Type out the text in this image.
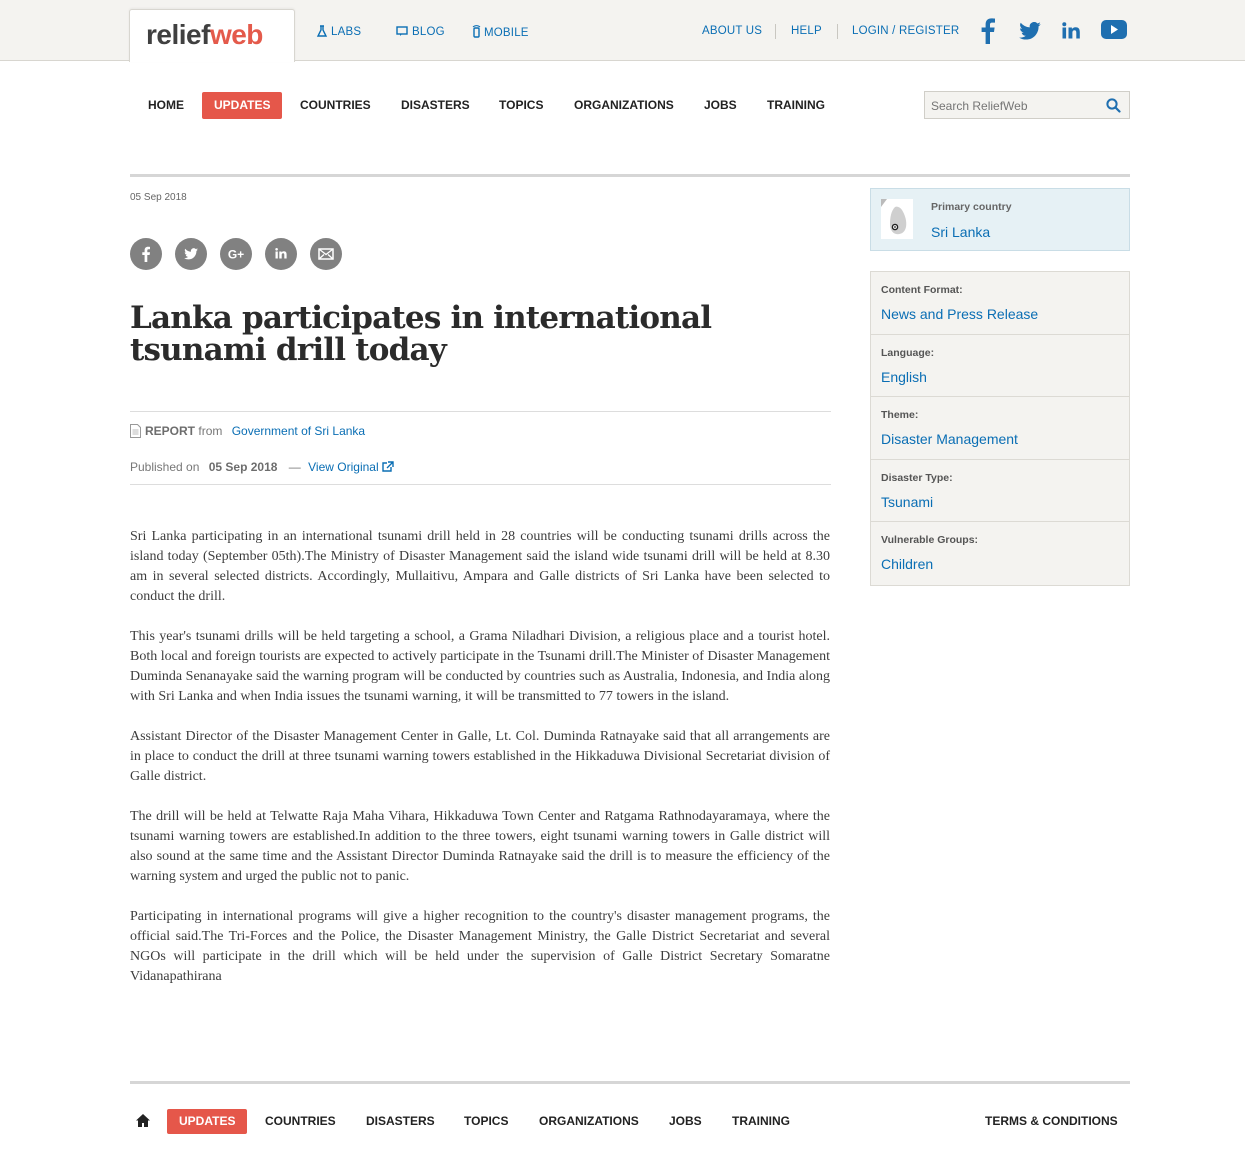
reliefweb	LABS	BLOG	MOBILE	ABOUT US	HELP	LOGIN / REGISTER
HOME	UPDATES	COUNTRIES	DISASTERS	TOPICS	ORGANIZATIONS	JOBS	TRAINING
Search ReliefWeb
05 Sep 2018
G+
Lanka participates in international tsunami drill today
REPORT from Government of Sri Lanka
Published on 05 Sep 2018 — View Original

Sri Lanka participating in an international tsunami drill held in 28 countries will be conducting tsunami drills across the island today (September 05th).The Ministry of Disaster Management said the island wide tsunami drill will be held at 8.30 am in several selected districts. Accordingly, Mullaitivu, Ampara and Galle districts of Sri Lanka have been selected to conduct the drill.

This year's tsunami drills will be held targeting a school, a Grama Niladhari Division, a religious place and a tourist hotel. Both local and foreign tourists are expected to actively participate in the Tsunami drill.The Minister of Disaster Management Duminda Senanayake said the warning program will be conducted by countries such as Australia, Indonesia, and India along with Sri Lanka and when India issues the tsunami warning, it will be transmitted to 77 towers in the island.

Assistant Director of the Disaster Management Center in Galle, Lt. Col. Duminda Ratnayake said that all arrangements are in place to conduct the drill at three tsunami warning towers established in the Hikkaduwa Divisional Secretariat division of Galle district.

The drill will be held at Telwatte Raja Maha Vihara, Hikkaduwa Town Center and Ratgama Rathnodayaramaya, where the tsunami warning towers are established.In addition to the three towers, eight tsunami warning towers in Galle district will also sound at the same time and the Assistant Director Duminda Ratnayake said the drill is to measure the efficiency of the warning system and urged the public not to panic.

Participating in international programs will give a higher recognition to the country's disaster management programs, the official said.The Tri-Forces and the Police, the Disaster Management Ministry, the Galle District Secretariat and several NGOs will participate in the drill which will be held under the supervision of Galle District Secretary Somaratne Vidanapathirana

Primary country
Sri Lanka
Content Format:
News and Press Release
Language:
English
Theme:
Disaster Management
Disaster Type:
Tsunami
Vulnerable Groups:
Children
UPDATES	COUNTRIES	DISASTERS	TOPICS	ORGANIZATIONS	JOBS	TRAINING	TERMS & CONDITIONS
